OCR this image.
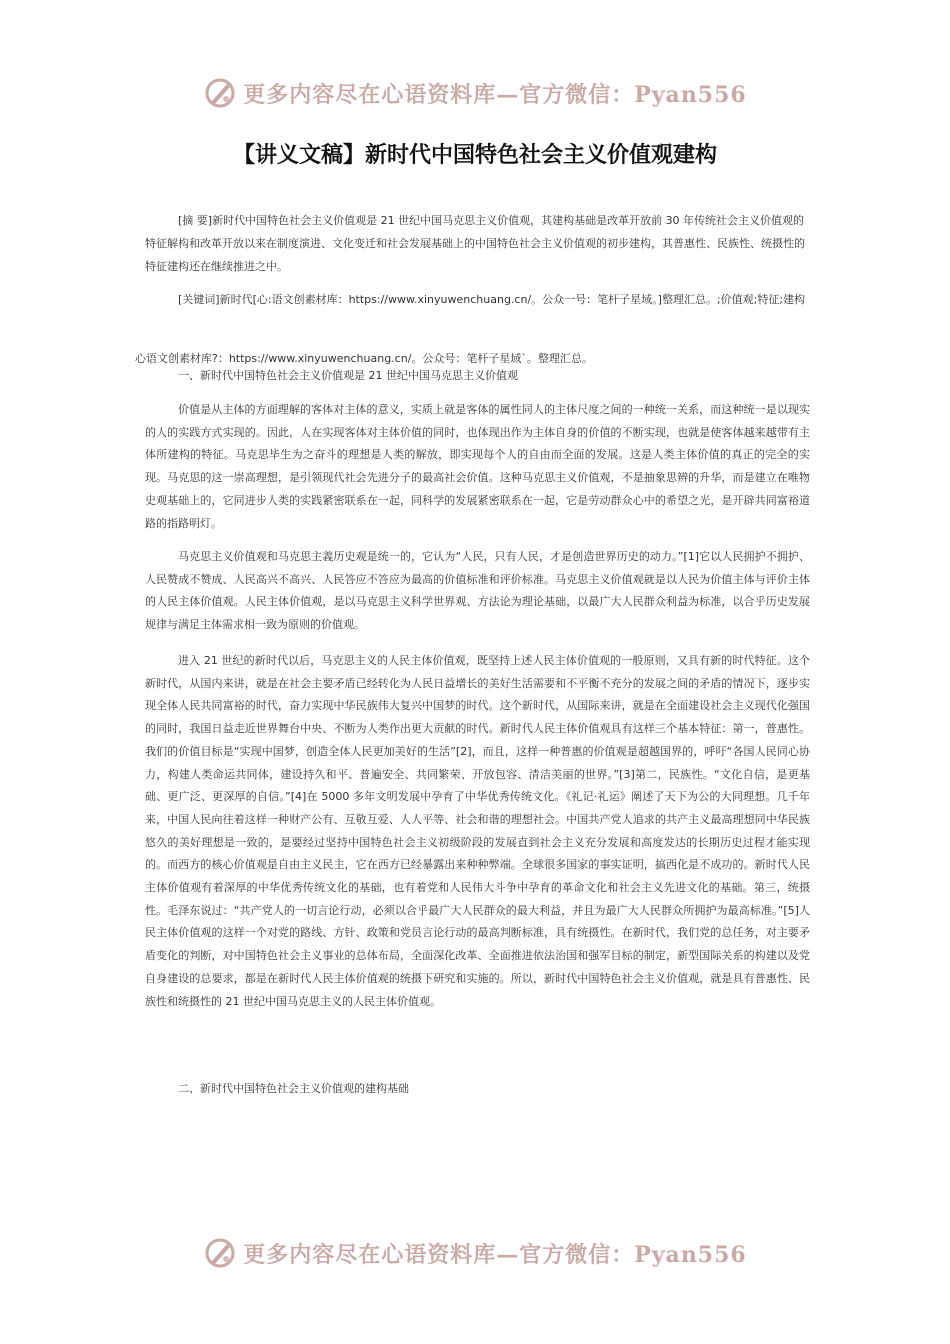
更多内容尽在心语资料库—官方微信：Pyan556
【讲义文稿】新时代中国特色社会主义价值观建构

[摘 要]新时代中国特色社会主义价值观是 21 世纪中国马克思主义价值观，其建构基础是改革开放前 30 年传统社会主义价值观的特征解构和改革开放以来在制度演进、文化变迁和社会发展基础上的中国特色社会主义价值观的初步建构，其普惠性、民族性、统摄性的特征建构还在继续推进之中。

[关键词]新时代[心:语文创素材库：https://www.xinyuwenchuang.cn/。公众一号：笔杆子星域。]整理汇总。;价值观;特征;建构

心语文创素材库?：https://www.xinyuwenchuang.cn/。公众号：笔杆子星域`。整理汇总。

一、新时代中国特色社会主义价值观是 21 世纪中国马克思主义价值观

价值是从主体的方面理解的客体对主体的意义，实质上就是客体的属性同人的主体尺度之间的一种统一关系，而这种统一是以现实的人的实践方式实现的。因此，人在实现客体对主体价值的同时，也体现出作为主体自身的价值的不断实现，也就是使客体越来越带有主体所建构的特征。马克思毕生为之奋斗的理想是人类的解放，即实现每个人的自由而全面的发展。这是人类主体价值的真正的完全的实现。马克思的这一崇高理想，是引领现代社会先进分子的最高社会价值。这种马克思主义价值观，不是抽象思辨的升华，而是建立在唯物史观基础上的，它同进步人类的实践紧密联系在一起，同科学的发展紧密联系在一起，它是劳动群众心中的希望之光，是开辟共同富裕道路的指路明灯。

马克思主义价值观和马克思主義历史观是统一的，它认为“人民，只有人民，才是创造世界历史的动力。”[1]它以人民拥护不拥护、人民赞成不赞成、人民高兴不高兴、人民答应不答应为最高的价值标准和评价标准。马克思主义价值观就是以人民为价值主体与评价主体的人民主体价值观。人民主体价值观，是以马克思主义科学世界观、方法论为理论基础，以最广大人民群众利益为标准，以合乎历史发展规律与满足主体需求相一致为原则的价值观。

进入 21 世纪的新时代以后，马克思主义的人民主体价值观，既坚持上述人民主体价值观的一般原则，又具有新的时代特征。这个新时代，从国内来讲，就是在社会主要矛盾已经转化为人民日益增长的美好生活需要和不平衡不充分的发展之间的矛盾的情况下，逐步实现全体人民共同富裕的时代，奋力实现中华民族伟大复兴中国梦的时代。这个新时代，从国际来讲，就是在全面建设社会主义现代化强国的同时，我国日益走近世界舞台中央、不断为人类作出更大贡献的时代。新时代人民主体价值观具有这样三个基本特征：第一，普惠性。我们的价值目标是“实现中国梦，创造全体人民更加美好的生活”[2]，而且，这样一种普惠的价值观是超越国界的，呼吁“各国人民同心协力，构建人类命运共同体，建设持久和平、普遍安全、共同繁荣、开放包容、清洁美丽的世界。”[3]第二，民族性。“文化自信，是更基础、更广泛、更深厚的自信。”[4]在 5000 多年文明发展中孕育了中华优秀传统文化。《礼记·礼运》阐述了天下为公的大同理想。几千年来，中国人民向往着这样一种财产公有、互敬互爱、人人平等、社会和谐的理想社会。中国共产党人追求的共产主义最高理想同中华民族悠久的美好理想是一致的，是要经过坚持中国特色社会主义初级阶段的发展直到社会主义充分发展和高度发达的长期历史过程才能实现的。而西方的核心价值观是自由主义民主，它在西方已经暴露出来种种弊端。全球很多国家的事实证明，搞西化是不成功的。新时代人民主体价值观有着深厚的中华优秀传统文化的基础，也有着党和人民伟大斗争中孕育的革命文化和社会主义先进文化的基础。第三，统摄性。毛泽东说过：“共产党人的一切言论行动，必须以合乎最广大人民群众的最大利益，并且为最广大人民群众所拥护为最高标准。”[5]人民主体价值观的这样一个对党的路线、方针、政策和党员言论行动的最高判断标准，具有统摄性。在新时代，我们党的总任务，对主要矛盾变化的判断，对中国特色社会主义事业的总体布局，全面深化改革、全面推进依法治国和强军目标的制定，新型国际关系的构建以及党自身建设的总要求，都是在新时代人民主体价值观的统摄下研究和实施的。所以，新时代中国特色社会主义价值观，就是具有普惠性、民族性和统摄性的 21 世纪中国马克思主义的人民主体价值观。

二、新时代中国特色社会主义价值观的建构基础

更多内容尽在心语资料库—官方微信：Pyan556
